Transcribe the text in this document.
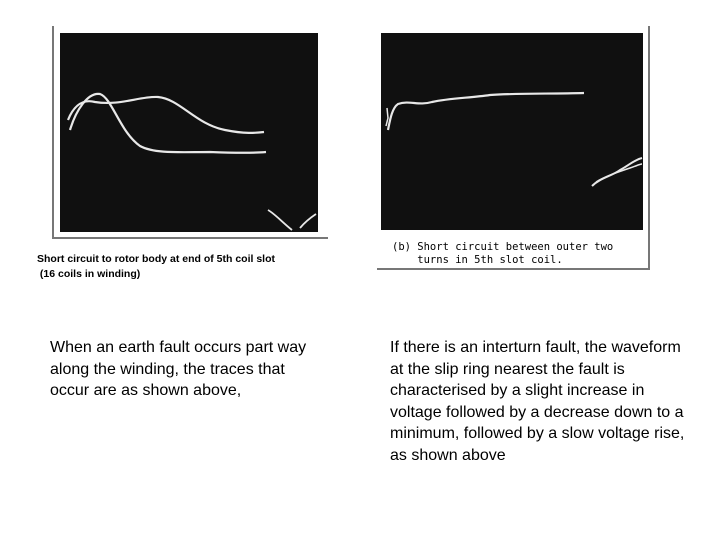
Short circuit to rotor body at end of 5th coil slot
(16 coils in winding)
(b) Short circuit between outer two
turns in 5th slot coil.
When an earth fault occurs part way along the winding, the traces that occur are as shown above,
If there is an interturn fault, the waveform at the slip ring nearest the fault is characterised by a slight increase in voltage followed by a decrease down to a minimum, followed by a slow voltage rise, as shown above
